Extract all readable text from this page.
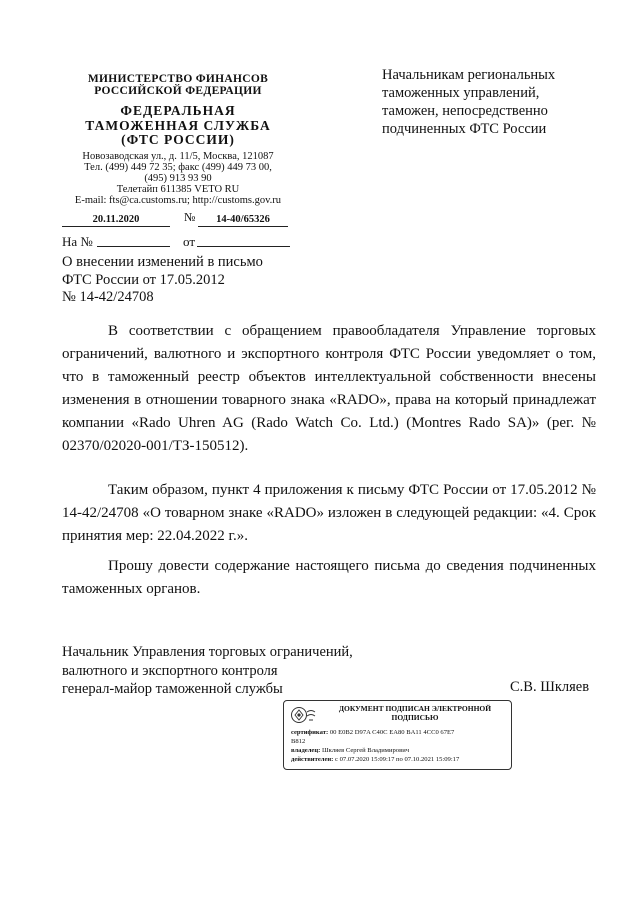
МИНИСТЕРСТВО ФИНАНСОВ
РОССИЙСКОЙ ФЕДЕРАЦИИ
ФЕДЕРАЛЬНАЯ
ТАМОЖЕННАЯ СЛУЖБА
(ФТС РОССИИ)
Новозаводская ул., д. 11/5, Москва, 121087
Тел. (499) 449 72 35; факс (499) 449 73 00,
(495) 913 93 90
Телетайп 611385 VETO RU
E-mail: fts@ca.customs.ru; http://customs.gov.ru
20.11.2020	№	14-40/65326
На №	от
О внесении изменений в письмо
ФТС России от 17.05.2012
№ 14-42/24708
Начальникам региональных
таможенных управлений,
таможен, непосредственно
подчиненных ФТС России
В соответствии с обращением правообладателя Управление торговых ограничений, валютного и экспортного контроля ФТС России уведомляет о том, что в таможенный реестр объектов интеллектуальной собственности внесены изменения в отношении товарного знака «RADO», права на который принадлежат компании «Rado Uhren AG (Rado Watch Co. Ltd.) (Montres Rado SA)» (рег. № 02370/02020-001/ТЗ-150512).
Таким образом, пункт 4 приложения к письму ФТС России от 17.05.2012 № 14-42/24708 «О товарном знаке «RADO» изложен в следующей редакции: «4. Срок принятия мер: 22.04.2022 г.».
Прошу довести содержание настоящего письма до сведения подчиненных таможенных органов.
Начальник Управления торговых ограничений,
валютного и экспортного контроля
генерал-майор таможенной службы	С.В. Шкляев
ДОКУМЕНТ ПОДПИСАН ЭЛЕКТРОННОЙ
ПОДПИСЬЮ
сертификат: 00 E0B2 D97A C40C EA80 BA11 4CC0 67E7
B812
владелец: Шкляев Сергей Владимирович
действителен: с 07.07.2020 15:09:17 по 07.10.2021 15:09:17
